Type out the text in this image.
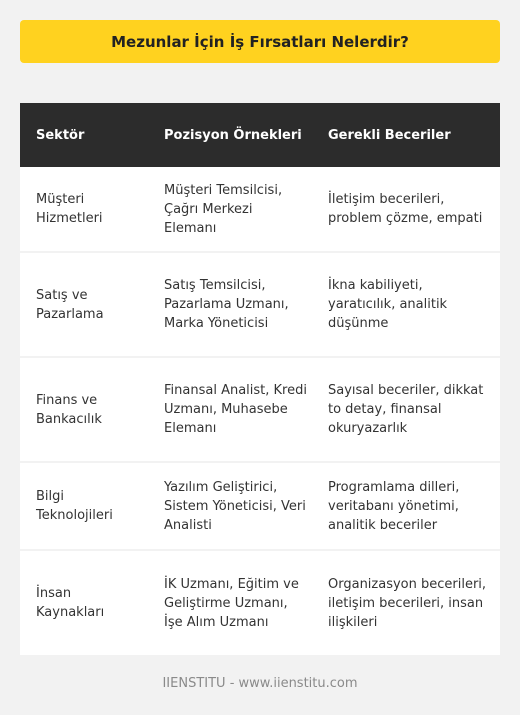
Mezunlar İçin İş Fırsatları Nelerdir?
Sektör	Pozisyon Örnekleri	Gerekli Beceriler
Müşteri Hizmetleri
Müşteri Temsilcisi, Çağrı Merkezi Elemanı
İletişim becerileri, problem çözme, empati
Satış ve Pazarlama
Satış Temsilcisi, Pazarlama Uzmanı, Marka Yöneticisi
İkna kabiliyeti, yaratıcılık, analitik düşünme
Finans ve Bankacılık
Finansal Analist, Kredi Uzmanı, Muhasebe Elemanı
Sayısal beceriler, dikkat to detay, finansal okuryazarlık
Bilgi Teknolojileri
Yazılım Geliştirici, Sistem Yöneticisi, Veri Analisti
Programlama dilleri, veritabanı yönetimi, analitik beceriler
İnsan Kaynakları
İK Uzmanı, Eğitim ve Geliştirme Uzmanı, İşe Alım Uzmanı
Organizasyon becerileri, iletişim becerileri, insan ilişkileri
IIENSTITU - www.iienstitu.com
